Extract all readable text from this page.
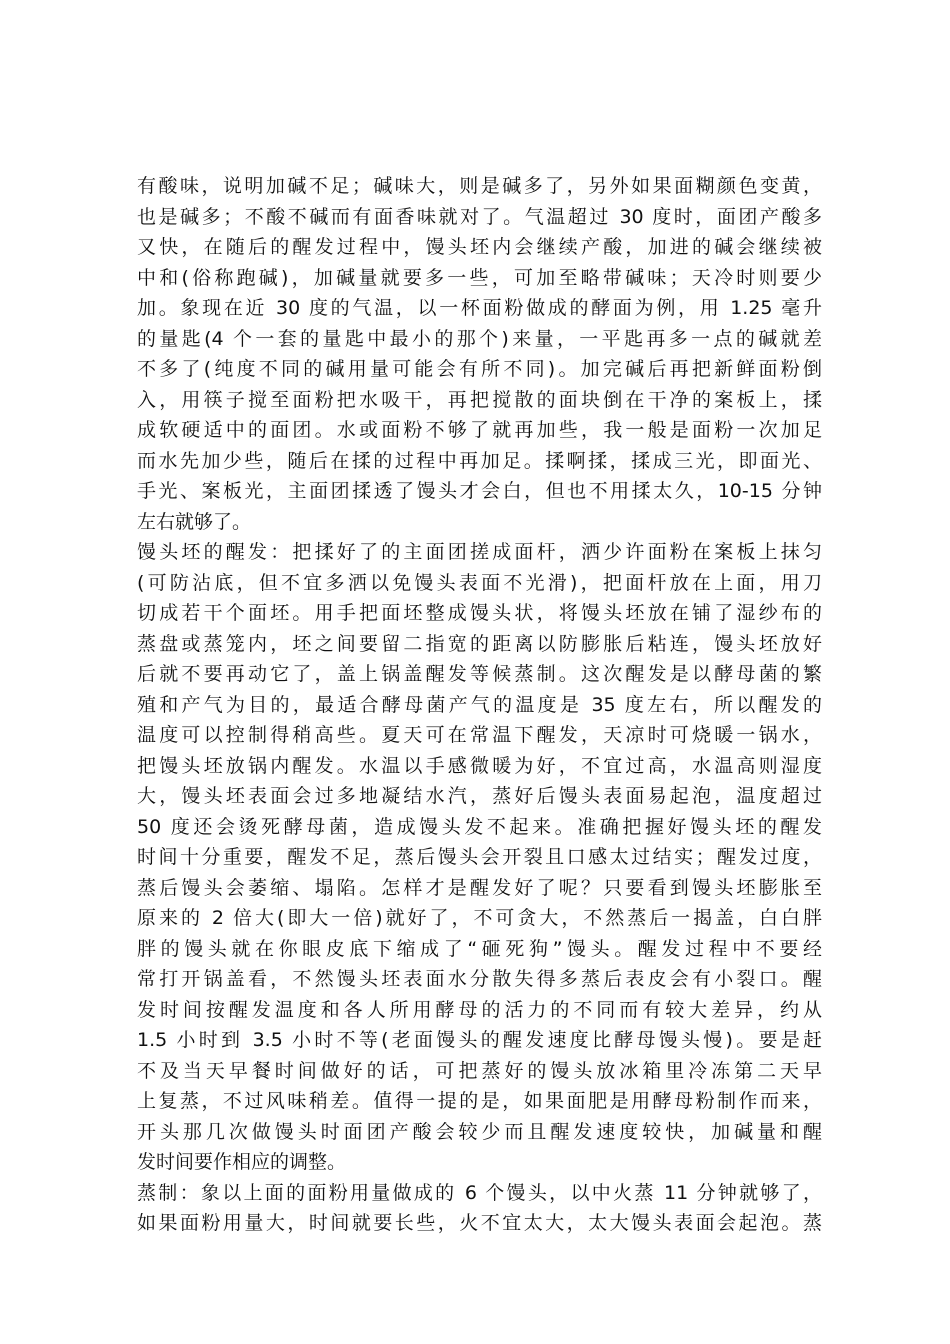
有酸味，说明加碱不足；碱味大，则是碱多了，另外如果面糊颜色变黄，
也是碱多；不酸不碱而有面香味就对了。气温超过 30 度时，面团产酸多
又快，在随后的醒发过程中，馒头坯内会继续产酸，加进的碱会继续被
中和(俗称跑碱)，加碱量就要多一些，可加至略带碱味；天冷时则要少
加。象现在近 30 度的气温，以一杯面粉做成的酵面为例，用 1.25 毫升
的量匙(4 个一套的量匙中最小的那个)来量，一平匙再多一点的碱就差
不多了(纯度不同的碱用量可能会有所不同)。加完碱后再把新鲜面粉倒
入，用筷子搅至面粉把水吸干，再把搅散的面块倒在干净的案板上，揉
成软硬适中的面团。水或面粉不够了就再加些，我一般是面粉一次加足
而水先加少些，随后在揉的过程中再加足。揉啊揉，揉成三光，即面光、
手光、案板光，主面团揉透了馒头才会白，但也不用揉太久，10-15 分钟
左右就够了。
馒头坯的醒发：把揉好了的主面团搓成面杆，洒少许面粉在案板上抹匀
(可防沾底，但不宜多洒以免馒头表面不光滑)，把面杆放在上面，用刀
切成若干个面坯。用手把面坯整成馒头状，将馒头坯放在铺了湿纱布的
蒸盘或蒸笼内，坯之间要留二指宽的距离以防膨胀后粘连，馒头坯放好
后就不要再动它了，盖上锅盖醒发等候蒸制。这次醒发是以酵母菌的繁
殖和产气为目的，最适合酵母菌产气的温度是 35 度左右，所以醒发的
温度可以控制得稍高些。夏天可在常温下醒发，天凉时可烧暖一锅水，
把馒头坯放锅内醒发。水温以手感微暖为好，不宜过高，水温高则湿度
大，馒头坯表面会过多地凝结水汽，蒸好后馒头表面易起泡，温度超过
50 度还会烫死酵母菌，造成馒头发不起来。准确把握好馒头坯的醒发
时间十分重要，醒发不足，蒸后馒头会开裂且口感太过结实；醒发过度，
蒸后馒头会萎缩、塌陷。怎样才是醒发好了呢？只要看到馒头坯膨胀至
原来的 2 倍大(即大一倍)就好了，不可贪大，不然蒸后一揭盖，白白胖
胖的馒头就在你眼皮底下缩成了“砸死狗”馒头。醒发过程中不要经
常打开锅盖看，不然馒头坯表面水分散失得多蒸后表皮会有小裂口。醒
发时间按醒发温度和各人所用酵母的活力的不同而有较大差异，约从
1.5 小时到 3.5 小时不等(老面馒头的醒发速度比酵母馒头慢)。要是赶
不及当天早餐时间做好的话，可把蒸好的馒头放冰箱里冷冻第二天早
上复蒸，不过风味稍差。值得一提的是，如果面肥是用酵母粉制作而来，
开头那几次做馒头时面团产酸会较少而且醒发速度较快，加碱量和醒
发时间要作相应的调整。
蒸制：象以上面的面粉用量做成的 6 个馒头，以中火蒸 11 分钟就够了，
如果面粉用量大，时间就要长些，火不宜太大，太大馒头表面会起泡。蒸
